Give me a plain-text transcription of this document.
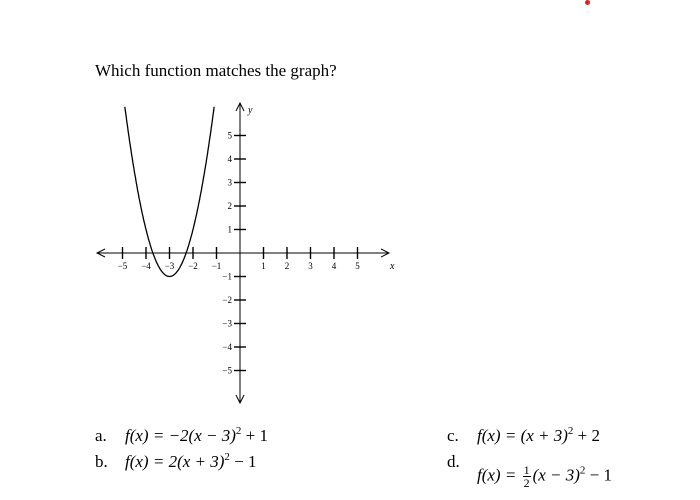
Which function matches the graph?
−5 −4 −3 −2 −1	1 2 3 4 5
5
4
3
2
1
−1
−2
−3
−4
−5
x
y
a. $f(x) = -2(x - 3)^2 + 1$
b. $f(x) = 2(x + 3)^2 - 1$
c. $f(x) = (x + 3)^2 + 2$
d.
$f(x) = \frac{1}{2} (x - 3)^2 - 1$
